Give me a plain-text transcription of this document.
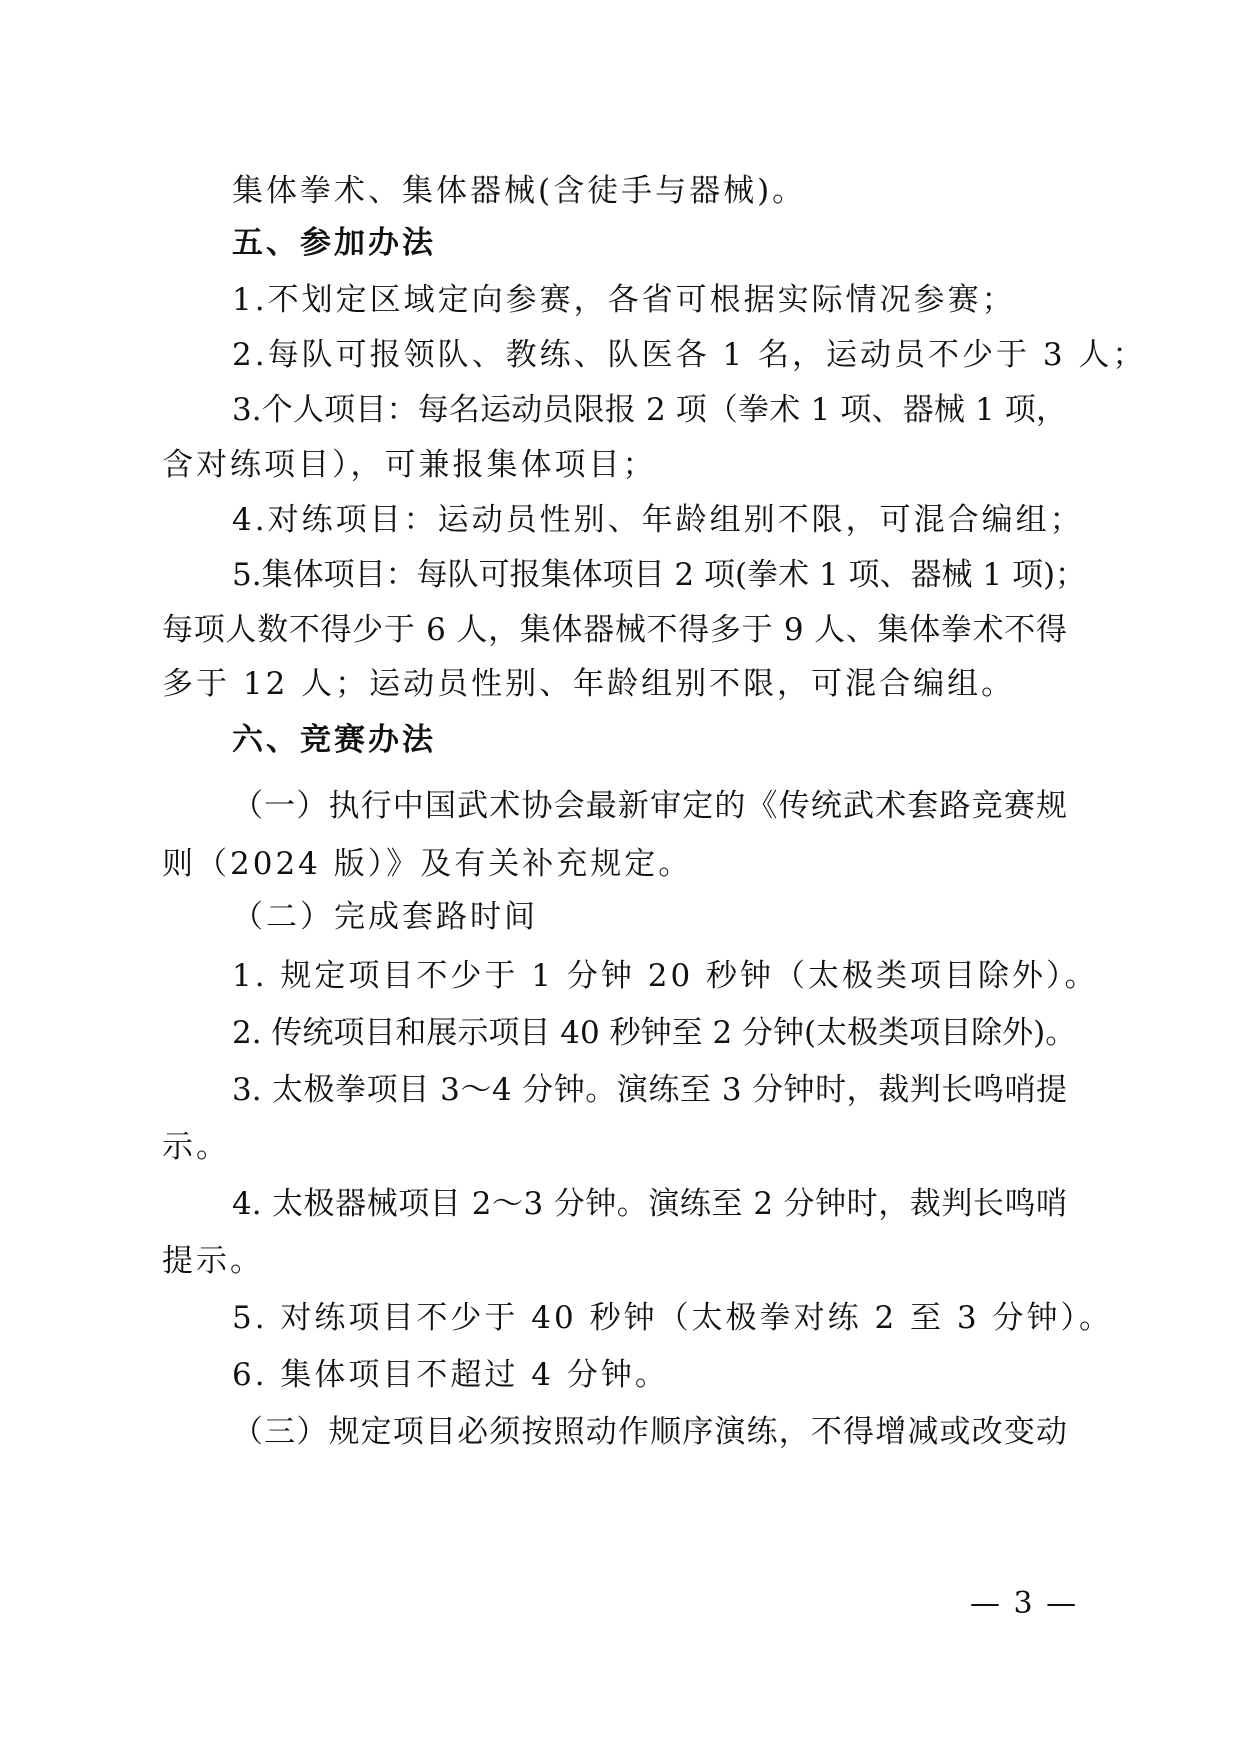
集体拳术、集体器械(含徒手与器械)。
五、参加办法
1.不划定区域定向参赛，各省可根据实际情况参赛；
2.每队可报领队、教练、队医各 1 名，运动员不少于 3 人；
3.个人项目：每名运动员限报 2 项（拳术 1 项、器械 1 项，
含对练项目），可兼报集体项目；
4.对练项目：运动员性别、年龄组别不限，可混合编组；
5.集体项目：每队可报集体项目 2 项(拳术 1 项、器械 1 项)；
每项人数不得少于 6 人，集体器械不得多于 9 人、集体拳术不得
多于 12 人；运动员性别、年龄组别不限，可混合编组。
六、竞赛办法
（一）执行中国武术协会最新审定的《传统武术套路竞赛规
则（2024 版）》及有关补充规定。
（二）完成套路时间
1. 规定项目不少于 1 分钟 20 秒钟（太极类项目除外）。
2. 传统项目和展示项目 40 秒钟至 2 分钟(太极类项目除外)。
3. 太极拳项目 3～4 分钟。演练至 3 分钟时，裁判长鸣哨提
示。
4. 太极器械项目 2～3 分钟。演练至 2 分钟时，裁判长鸣哨
提示。
5. 对练项目不少于 40 秒钟（太极拳对练 2 至 3 分钟）。
6. 集体项目不超过 4 分钟。
（三）规定项目必须按照动作顺序演练，不得增减或改变动
— 3 —
